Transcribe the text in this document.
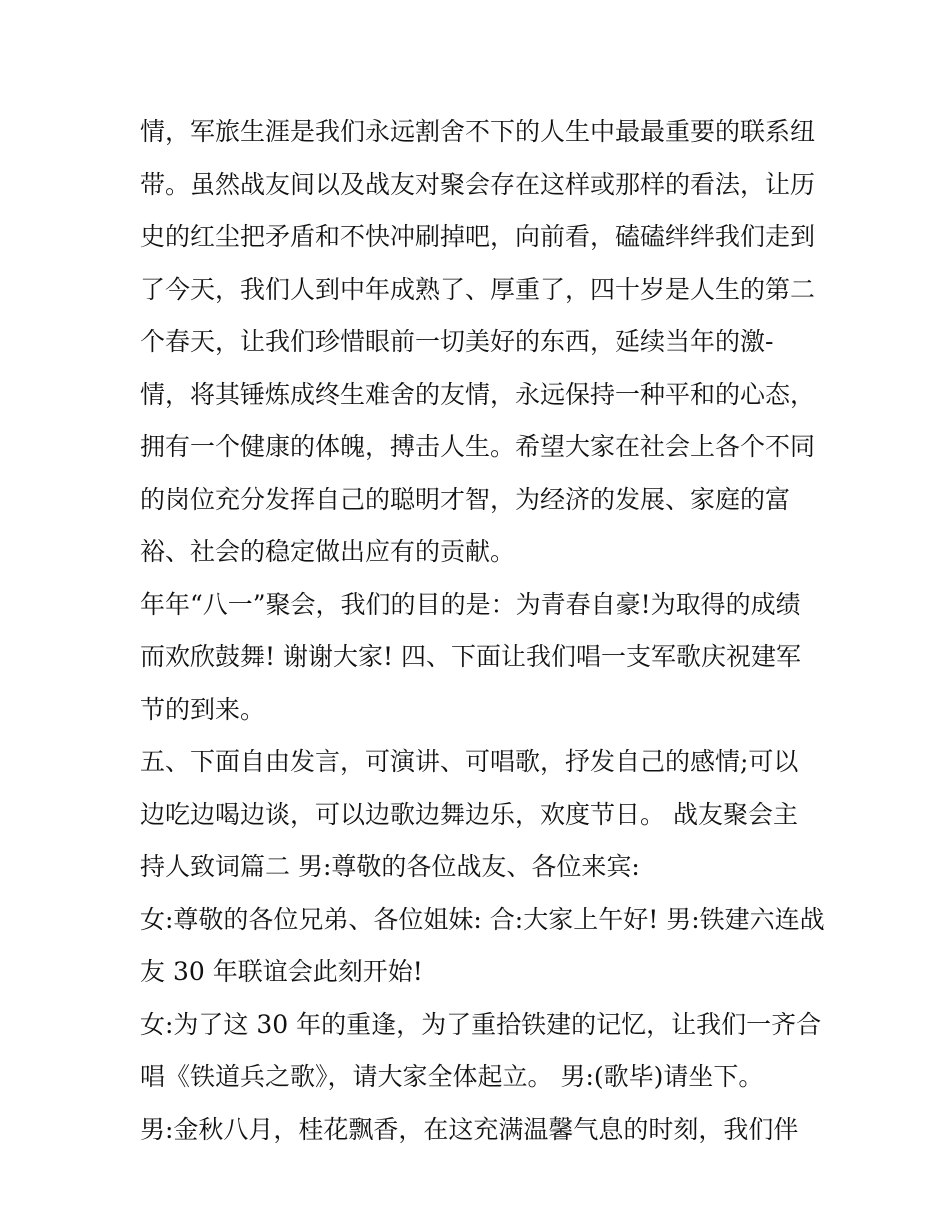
情，军旅生涯是我们永远割舍不下的人生中最最重要的联系纽

带。虽然战友间以及战友对聚会存在这样或那样的看法，让历

史的红尘把矛盾和不快冲刷掉吧，向前看，磕磕绊绊我们走到

了今天，我们人到中年成熟了、厚重了，四十岁是人生的第二

个春天，让我们珍惜眼前一切美好的东西，延续当年的激-

情，将其锤炼成终生难舍的友情，永远保持一种平和的心态，

拥有一个健康的体魄，搏击人生。希望大家在社会上各个不同

的岗位充分发挥自己的聪明才智，为经济的发展、家庭的富

裕、社会的稳定做出应有的贡献。

年年“八一”聚会，我们的目的是：为青春自豪!为取得的成绩

而欢欣鼓舞! 谢谢大家! 四、下面让我们唱一支军歌庆祝建军

节的到来。

五、下面自由发言，可演讲、可唱歌，抒发自己的感情;可以

边吃边喝边谈，可以边歌边舞边乐，欢度节日。 战友聚会主

持人致词篇二 男:尊敬的各位战友、各位来宾:

女:尊敬的各位兄弟、各位姐妹: 合:大家上午好! 男:铁建六连战

友 30 年联谊会此刻开始!

女:为了这 30 年的重逢，为了重拾铁建的记忆，让我们一齐合

唱《铁道兵之歌》，请大家全体起立。 男:(歌毕)请坐下。

男:金秋八月，桂花飘香，在这充满温馨气息的时刻，我们伴
